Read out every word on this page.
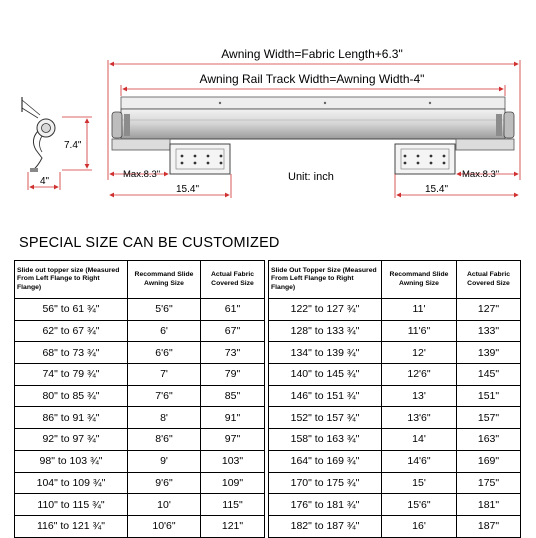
Awning Width=Fabric Length+6.3"
Awning Rail Track Width=Awning Width-4"
7.4"
4"
Max.8.3"
15.4"
Max.8.3"
15.4"
Unit: inch
SPECIAL SIZE CAN BE CUSTOMIZED
Slide out topper size (Measured From Left Flange to Right Flange)	Recommand Slide Awning Size	Actual Fabric Covered Size
56" to 61 ¾"	5'6"	61"
62" to 67 ¾"	6'	67"
68" to 73 ¾"	6'6"	73"
74" to 79 ¾"	7'	79"
80" to 85 ¾"	7'6"	85"
86" to 91 ¾"	8'	91"
92" to 97 ¾"	8'6"	97"
98" to 103 ¾"	9'	103"
104" to 109 ¾"	9'6"	109"
110" to 115 ¾"	10'	115"
116" to 121 ¾"	10'6"	121"
Slide Out Topper Size (Measured From Left Flange to Right Flange)	Recommand Slide Awning Size	Actual Fabric Covered Size
122" to 127 ¾"	11'	127"
128" to 133 ¾"	11'6"	133"
134" to 139 ¾"	12'	139"
140" to 145 ¾"	12'6"	145"
146" to 151 ¾"	13'	151"
152" to 157 ¾"	13'6"	157"
158" to 163 ¾"	14'	163"
164" to 169 ¾"	14'6"	169"
170" to 175 ¾"	15'	175"
176" to 181 ¾"	15'6"	181"
182" to 187 ¾"	16'	187"
